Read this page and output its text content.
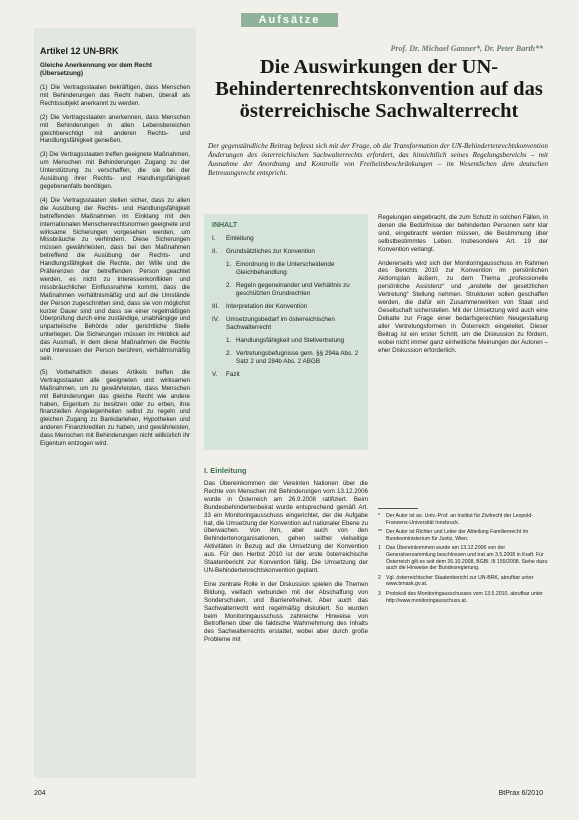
Aufsätze
Artikel 12 UN-BRK
Gleiche Anerkennung vor dem Recht (Übersetzung)

(1) Die Vertragsstaaten bekräftigen, dass Menschen mit Behinderungen das Recht haben, überall als Rechtssubjekt anerkannt zu werden.

(2) Die Vertragsstaaten anerkennen, dass Menschen mit Behinderungen in allen Lebensbereichen gleichberechtigt mit anderen Rechts- und Handlungsfähigkeit genießen.

(3) Die Vertragsstaaten treffen geeignete Maßnahmen, um Menschen mit Behinderungen Zugang zu der Unterstützung zu verschaffen, die sie bei der Ausübung ihrer Rechts- und Handlungsfähigkeit gegebenenfalls benötigen.

(4) Die Vertragsstaaten stellen sicher, dass zu allen die Ausübung der Rechts- und Handlungsfähigkeit betreffenden Maßnahmen im Einklang mit den internationalen Menschenrechtsnormen geeignete und wirksame Sicherungen vorgesehen werden, um Missbräuche zu verhindern. Diese Sicherungen müssen gewährleisten, dass bei den Maßnahmen betreffend die Ausübung der Rechts- und Handlungsfähigkeit die Rechte, der Wille und die Präferenzen der betreffenden Person geachtet werden, es nicht zu Interessenkonflikten und missbräuchlicher Einflussnahme kommt, dass die Maßnahmen verhältnismäßig und auf die Umstände der Person zugeschnitten sind, dass sie von möglichst kurzer Dauer sind und dass sie einer regelmäßigen Überprüfung durch eine zuständige, unabhängige und unparteiische Behörde oder gerichtliche Stelle unterliegen. Die Sicherungen müssen im Hinblick auf das Ausmaß, in dem diese Maßnahmen die Rechte und Interessen der Person berühren, verhältnismäßig sein.

(5) Vorbehaltlich dieses Artikels treffen die Vertragsstaaten alle geeigneten und wirksamen Maßnahmen, um zu gewährleisten, dass Menschen mit Behinderungen das gleiche Recht wie andere haben, Eigentum zu besitzen oder zu erben, ihre finanziellen Angelegenheiten selbst zu regeln und gleichen Zugang zu Bankdarlehen, Hypotheken und anderen Finanzkrediten zu haben, und gewährleisten, dass Menschen mit Behinderungen nicht willkürlich ihr Eigentum entzogen wird.

Prof. Dr. Michael Ganner*, Dr. Peter Barth**
Die Auswirkungen der UN-Behindertenrechtskonvention auf das österreichische Sachwalterrecht

Der gegenständliche Beitrag befasst sich mit der Frage, ob die Transformation der UN-Behindertenrechtskonvention Änderungen des österreichischen Sachwalterrechts erfordert, das hinsichtlich seines Regelungsbereichs – mit Ausnahme der Anordnung und Kontrolle von Freiheitsbeschränkungen – im Wesentlichen dem deutschen Betreuungsrecht entspricht.

INHALT
I.	Einleitung
II.	Grundsätzliches zur Konvention
1. Einordnung in die Unterscheidende Gleichbehandlung
2. Regeln gegeneinander und Verhältnis zu geschützten Grundrechten
III.	Interpretation der Konvention
IV.	Umsetzungsbedarf im österreichischen Sachwalterrecht
1. Handlungsfähigkeit und Stellvertretung
2. Vertretungsbefugnisse gem. §§ 294a Abs. 2 Satz 2 und 284b Abs. 2 ABGB
V.	Fazit

Regelungen eingebracht, die zum Schutz in solchen Fällen, in denen die Bedürfnisse der behinderten Personen sehr klar sind, eingebracht werden müssen, die Bestimmung über selbstbestimmtes Leben. Insbesondere Art. 19 der Konvention verlangt.

Andererseits wird sich der Monitoringausschuss im Rahmen des Berichts 2010 zur Konvention im persönlichen Aktionsplan äußern, zu dem Thema „professionelle persönliche Assistenz“ und „anstelle der gesetzlichen Vertretung“ Stellung nehmen. Strukturen sollen geschaffen werden, die dafür ein Zusammenwirken von Staat und Gesellschaft sicherstellen. Mit der Umsetzung wird auch eine Debatte zur Frage einer bedarfsgerechten Neugestaltung aller Vertretungsformen in Österreich eingeleitet. Dieser Beitrag ist ein erster Schritt, um die Diskussion zu fördern, wobei nicht immer ganz einheitliche Meinungen der Autoren – eher Diskussion erforderlich.

I. Einleitung

Das Übereinkommen der Vereinten Nationen über die Rechte von Menschen mit Behinderungen vom 13.12.2006 wurde in Österreich am 26.9.2008 ratifiziert. Beim Bundesbehindertenbeirat wurde entsprechend gemäß Art. 33 ein Monitoringausschuss eingerichtet, der die Aufgabe hat, die Umsetzung der Konvention auf nationaler Ebene zu überwachen. Von ihm, aber auch von den Behindertenorganisationen, gehen seither vielseitige Aktivitäten in Bezug auf die Umsetzung der Konvention aus. Für den Herbst 2010 ist der erste österreichische Staatenbericht zur Konvention fällig. Die Umsetzung der UN-Behindertenrechtskonvention geplant.

Eine zentrale Rolle in der Diskussion spielen die Themen Bildung, vielfach verbunden mit der Abschaffung von Sonderschulen, und Barrierefreiheit. Aber auch das Sachwalterrecht wird regelmäßig diskutiert. So wurden beim Monitoringausschuss zahlreiche Hinweise von Betroffenen über die faktische Wahrnehmung des Inhalts des Sachwalterrechts erstattet, wobei aber durch große Probleme mit

*	Der Autor ist ao. Univ.-Prof. an Institut für Zivilrecht der Leopold-Franzens-Universität Innsbruck.
** Der Autor ist Richter und Leiter der Abteilung Familienrecht im Bundesministerium für Justiz, Wien.
1 Das Übereinkommen wurde am 13.12.2006 von der Generalversammlung beschlossen und trat am 3.5.2008 in Kraft. Für Österreich gilt es seit dem 26.10.2008, BGBl. III 155/2008. Siehe dazu auch die Hinweise der Bundesregierung.
2 Vgl. österreichischer Staatenbericht zur UN-BRK, abrufbar unter www.bmask.gv.at.
3 Protokoll des Monitoringausschusses vom 13.5.2010, abrufbar unter http://www.monitoringausschuss.at.
204	BtPrax 6/2010
